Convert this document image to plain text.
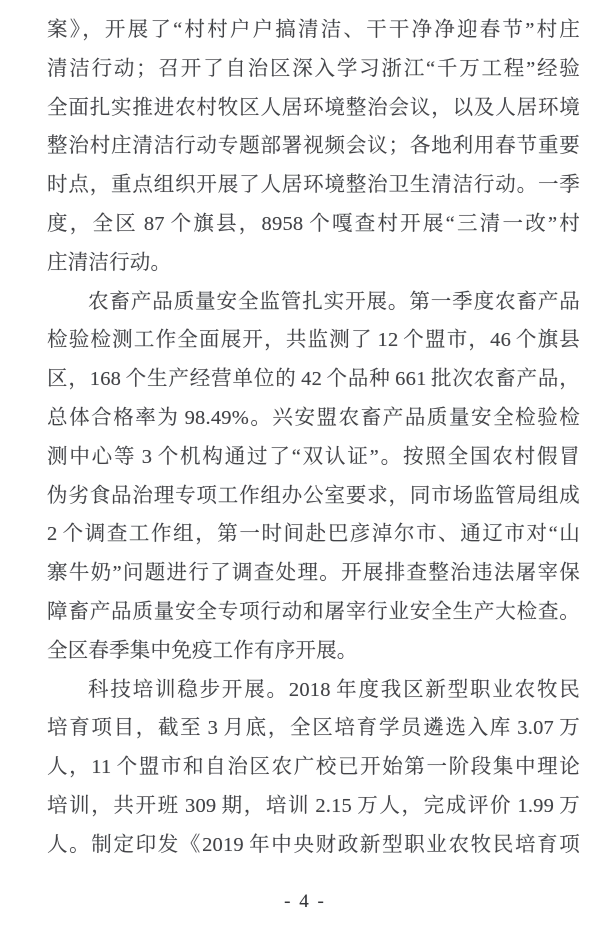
案》，开展了“村村户户搞清洁、干干净净迎春节”村庄
清洁行动；召开了自治区深入学习浙江“千万工程”经验
全面扎实推进农村牧区人居环境整治会议，以及人居环境
整治村庄清洁行动专题部署视频会议；各地利用春节重要
时点，重点组织开展了人居环境整治卫生清洁行动。一季
度，全区 87 个旗县，8958 个嘎查村开展“三清一改”村
庄清洁行动。
农畜产品质量安全监管扎实开展。第一季度农畜产品
检验检测工作全面展开，共监测了 12 个盟市，46 个旗县
区，168 个生产经营单位的 42 个品种 661 批次农畜产品，
总体合格率为 98.49%。兴安盟农畜产品质量安全检验检
测中心等 3 个机构通过了“双认证”。按照全国农村假冒
伪劣食品治理专项工作组办公室要求，同市场监管局组成
2 个调查工作组，第一时间赴巴彦淖尔市、通辽市对“山
寨牛奶”问题进行了调查处理。开展排查整治违法屠宰保
障畜产品质量安全专项行动和屠宰行业安全生产大检查。
全区春季集中免疫工作有序开展。
科技培训稳步开展。2018 年度我区新型职业农牧民
培育项目，截至 3 月底，全区培育学员遴选入库 3.07 万
人，11 个盟市和自治区农广校已开始第一阶段集中理论
培训，共开班 309 期，培训 2.15 万人，完成评价 1.99 万
人。制定印发《2019 年中央财政新型职业农牧民培育项
- 4 -
